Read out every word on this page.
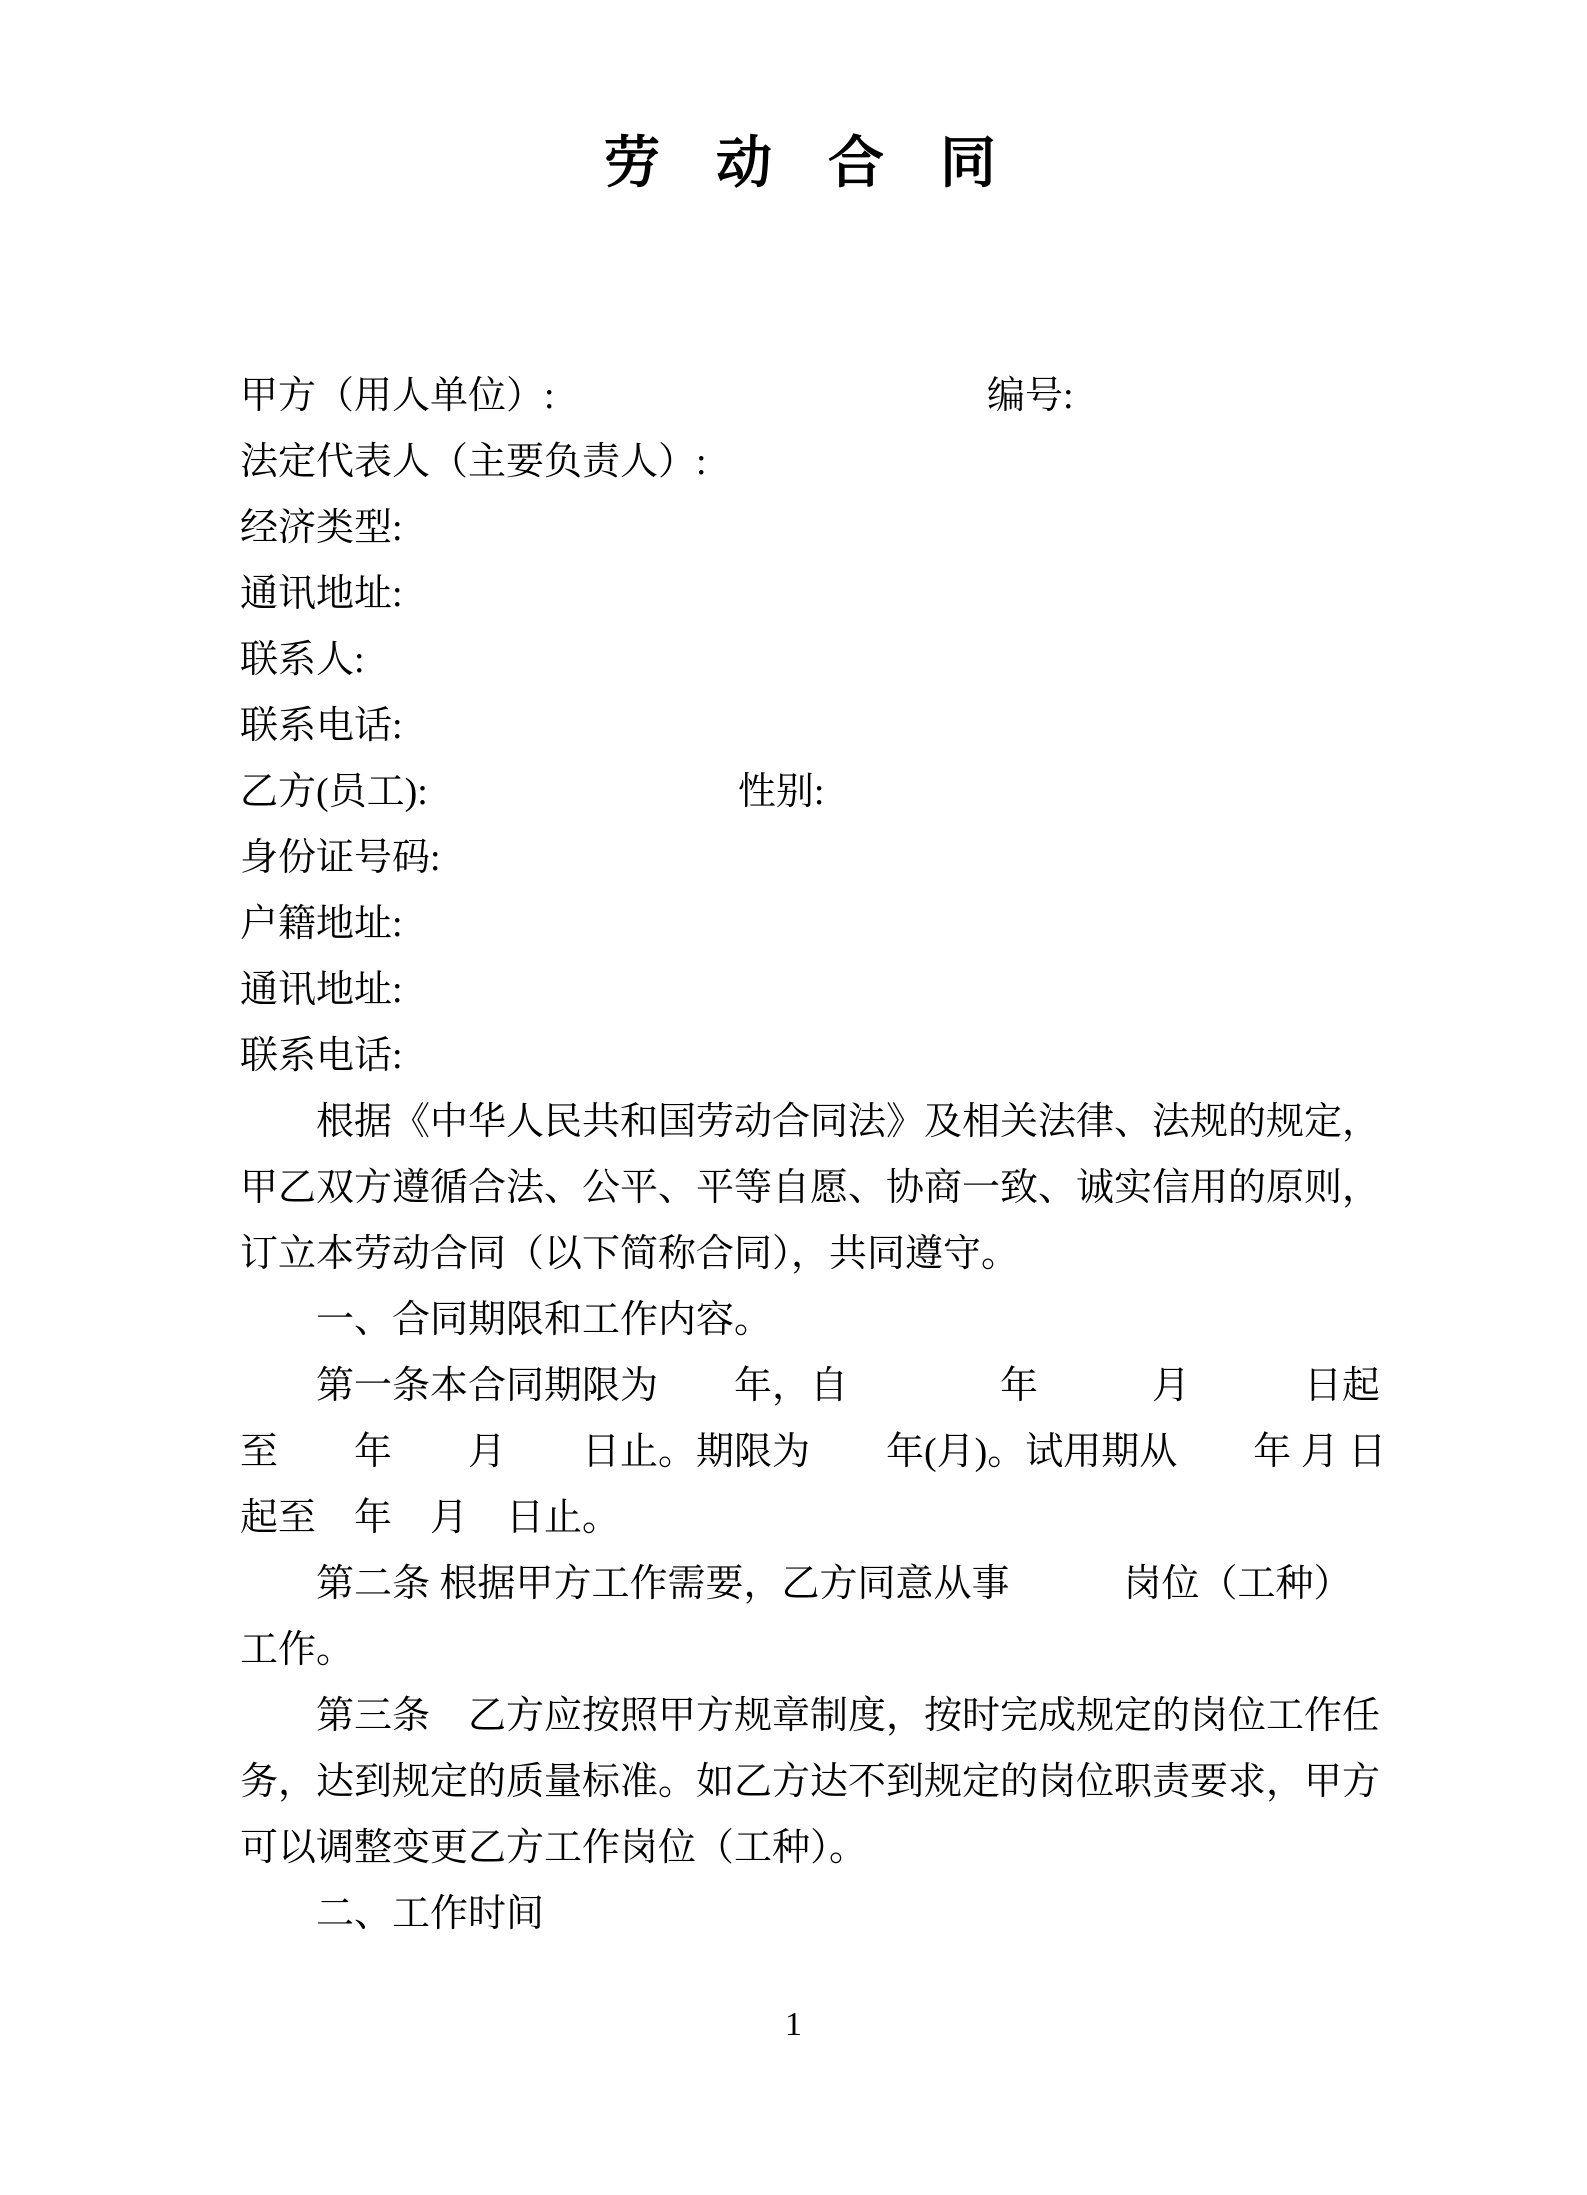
劳　动　合　同

编号:

甲方（用人单位）:
法定代表人（主要负责人）:
经济类型:
通讯地址:
联系人:
联系电话:
乙方(员工):	性别:
身份证号码:
户籍地址:
通讯地址:
联系电话:
根据《中华人民共和国劳动合同法》及相关法律、法规的规定，
甲乙双方遵循合法、公平、平等自愿、协商一致、诚实信用的原则，
订立本劳动合同（以下简称合同），共同遵守。
一、合同期限和工作内容。
第一条本合同期限为　　年，自　　　　年　　　月　　　日起
至　　年　　月　　日止。期限为　　年(月)。试用期从　　年 月 日
起至　年　月　日止。
第二条 根据甲方工作需要，乙方同意从事　　　岗位（工种）
工作。
第三条　乙方应按照甲方规章制度，按时完成规定的岗位工作任
务，达到规定的质量标准。如乙方达不到规定的岗位职责要求，甲方
可以调整变更乙方工作岗位（工种）。
二、工作时间
1
